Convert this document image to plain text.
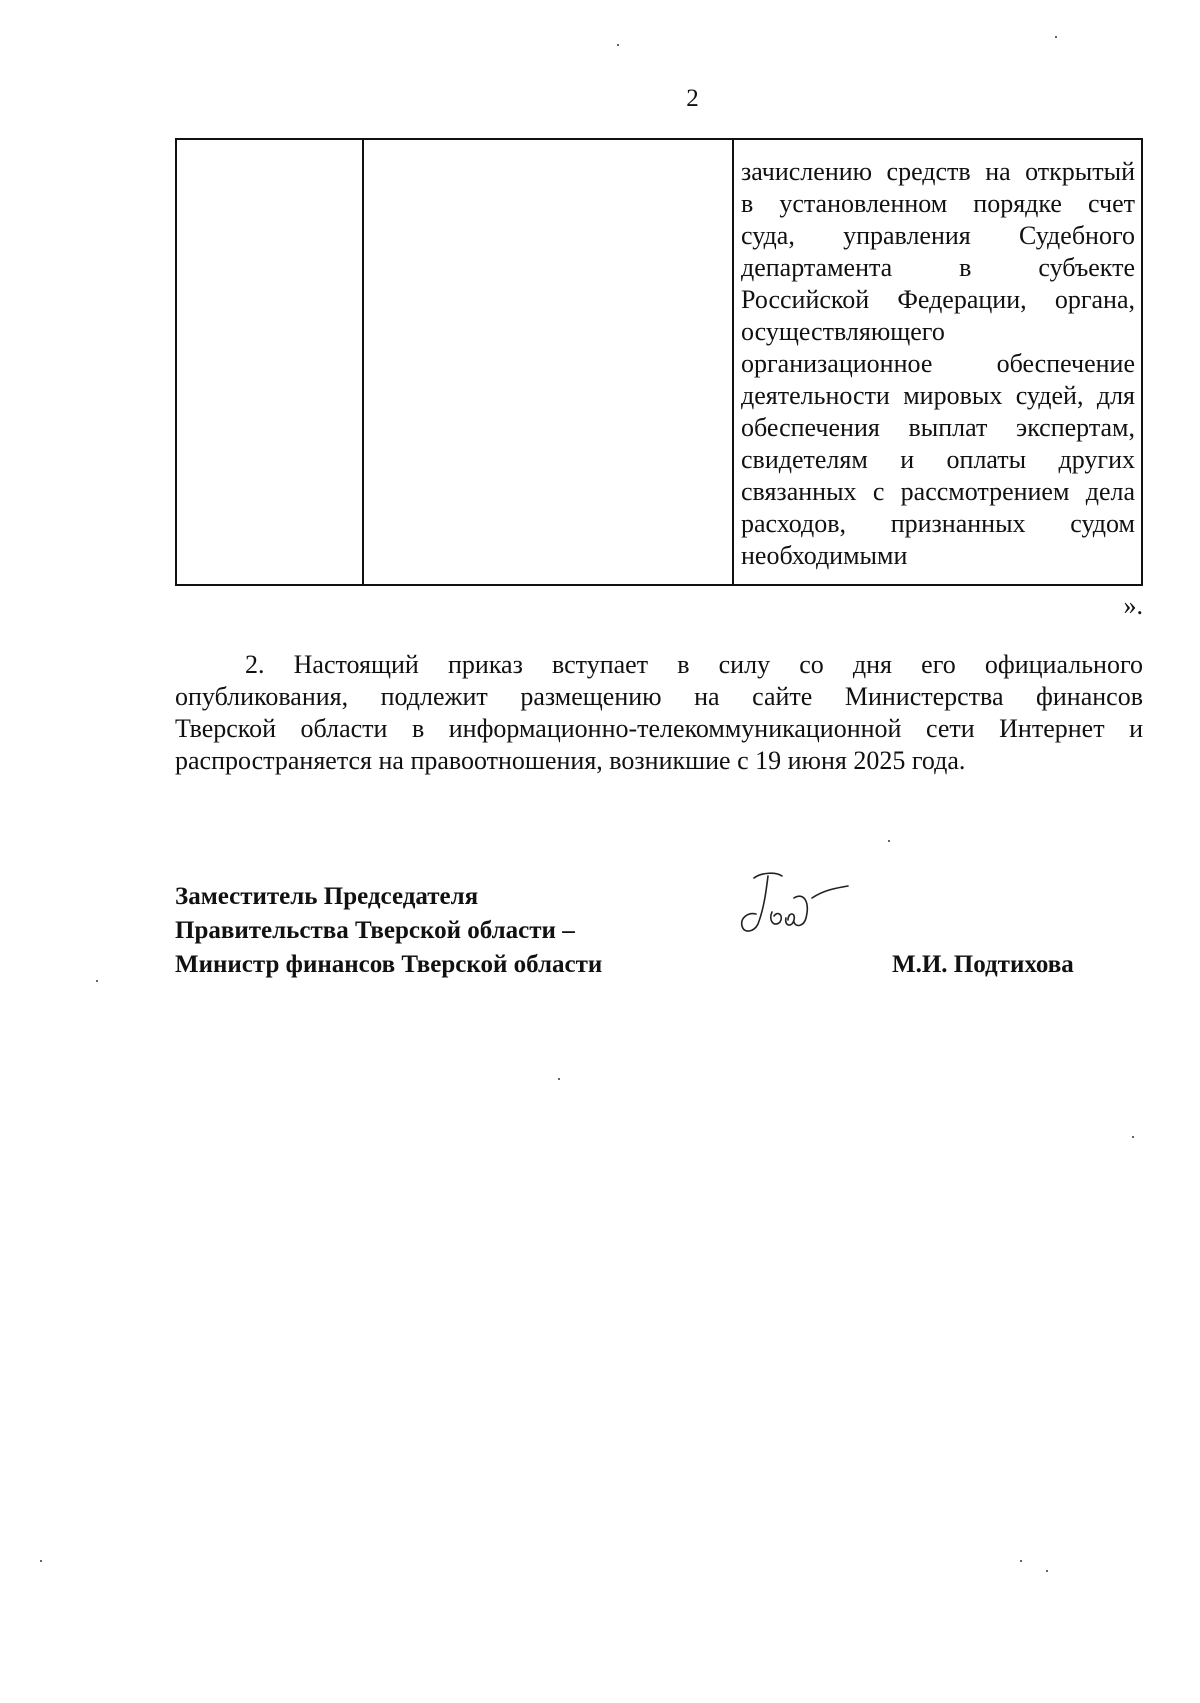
2

зачислению средств на открытый
в установленном порядке счет
суда, управления Судебного
департамента в субъекте
Российской Федерации, органа,
осуществляющего
организационное обеспечение
деятельности мировых судей, для
обеспечения выплат экспертам,
свидетелям и оплаты других
связанных с рассмотрением дела
расходов, признанных судом
необходимыми
».
2. Настоящий приказ вступает в силу со дня его официального
опубликования, подлежит размещению на сайте Министерства финансов
Тверской области в информационно-телекоммуникационной сети Интернет и
распространяется на правоотношения, возникшие с 19 июня 2025 года.
Заместитель Председателя
Правительства Тверской области –
Министр финансов Тверской области	М.И. Подтихова
